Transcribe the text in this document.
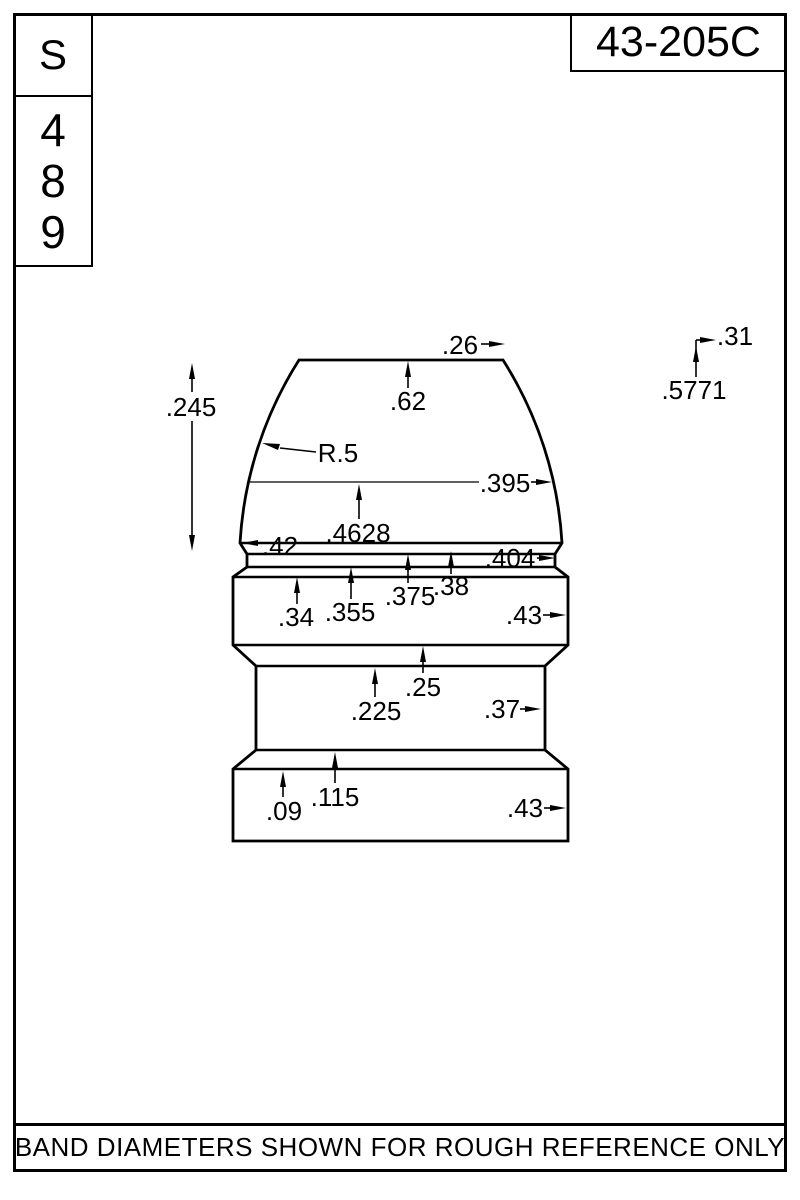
S
4
8
9
43-205C
.245	.62
.26
R.5
.31
.5771
.395
.4628
.42	.404
.375
.38
.355
.34	.43
.25
.225	.37
.115
.09	.43
BAND DIAMETERS SHOWN FOR ROUGH REFERENCE ONLY
